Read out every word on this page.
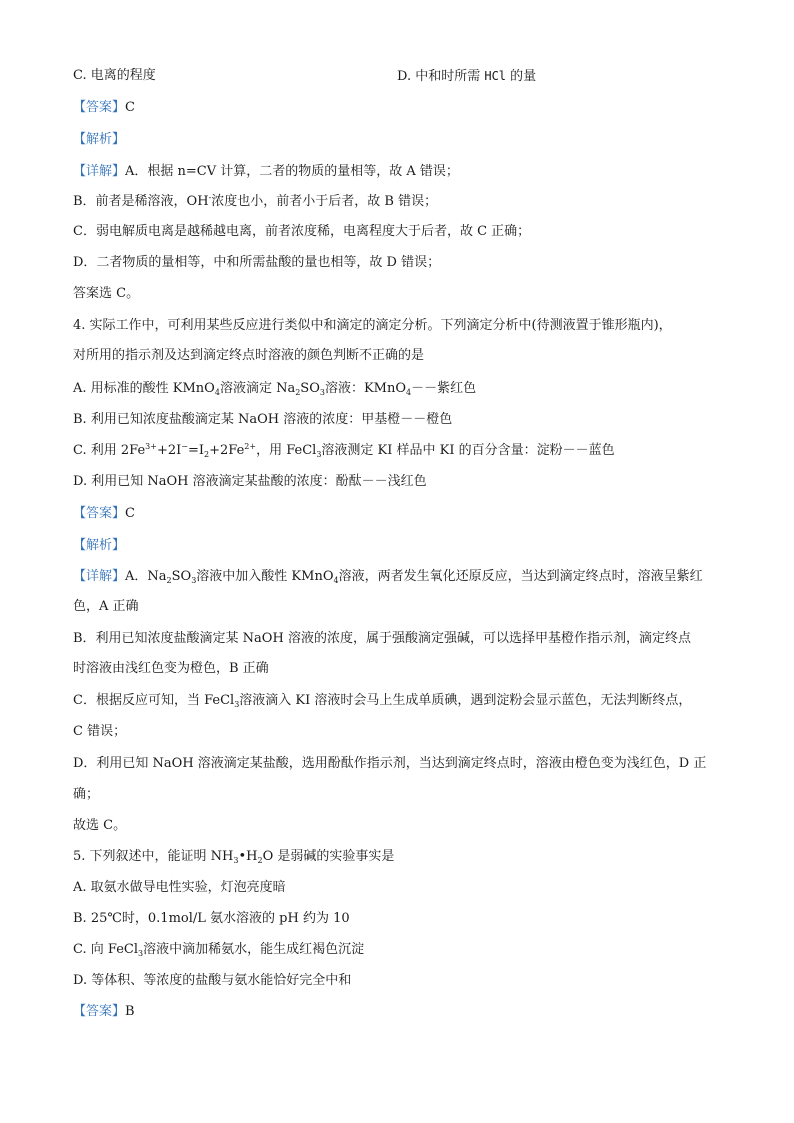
C. 电离的程度	D. 中和时所需 HCl 的量
【答案】C
【解析】
【详解】A．根据 n=CV 计算，二者的物质的量相等，故 A 错误；
B．前者是稀溶液，OH-浓度也小，前者小于后者，故 B 错误；
C．弱电解质电离是越稀越电离，前者浓度稀，电离程度大于后者，故 C 正确；
D．二者物质的量相等，中和所需盐酸的量也相等，故 D 错误；
答案选 C。
4. 实际工作中，可利用某些反应进行类似中和滴定的滴定分析。下列滴定分析中(待测液置于锥形瓶内)，
对所用的指示剂及达到滴定终点时溶液的颜色判断不正确的是
A. 用标准的酸性 KMnO$_4$溶液滴定 $Na_2SO_3$溶液：KMnO$_4$－－紫红色
B. 利用已知浓度盐酸滴定某 NaOH 溶液的浓度：甲基橙－－橙色
C. 利用 $2Fe^{3+}+2I^-=I_2+2Fe^{2+}$，用 FeCl$_3$溶液测定 KI 样品中 KI 的百分含量：淀粉－－蓝色
D. 利用已知 NaOH 溶液滴定某盐酸的浓度：酚酞－－浅红色
【答案】C
【解析】
【详解】A．$Na_2SO_3$溶液中加入酸性 KMnO$_4$溶液，两者发生氧化还原反应，当达到滴定终点时，溶液呈紫红
色，A 正确
B．利用已知浓度盐酸滴定某 NaOH 溶液的浓度，属于强酸滴定强碱，可以选择甲基橙作指示剂，滴定终点
时溶液由浅红色变为橙色，B 正确
C．根据反应可知，当 FeCl$_3$溶液滴入 KI 溶液时会马上生成单质碘，遇到淀粉会显示蓝色，无法判断终点，
C 错误；
D．利用已知 NaOH 溶液滴定某盐酸，选用酚酞作指示剂，当达到滴定终点时，溶液由橙色变为浅红色，D 正
确；
故选 C。
5. 下列叙述中，能证明 $NH_3•H_2O$ 是弱碱的实验事实是
A. 取氨水做导电性实验，灯泡亮度暗
B. 25℃时，0.1mol/L 氨水溶液的 pH 约为 10
C. 向 FeCl$_3$溶液中滴加稀氨水，能生成红褐色沉淀
D. 等体积、等浓度的盐酸与氨水能恰好完全中和
【答案】B
